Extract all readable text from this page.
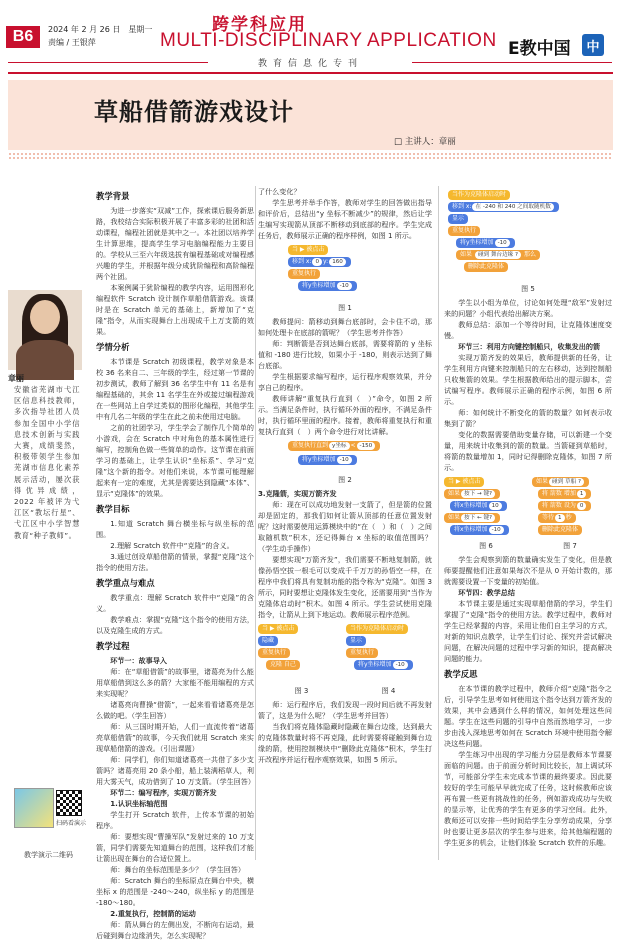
B6	2024 年 2 月 26 日　星期一
责编 / 王银萍
跨学科应用
MULTI-DISCIPLINARY APPLICATION E教中国	中
教育信息化专刊
草船借箭游戏设计
□ 主讲人：章丽
章丽
安徽省芜湖市弋江区信息科技教师，多次指导社团人员参加全国中小学信息技术创新与实践大赛，成绩斐然，积极带领学生参加芜湖市信息化素养展示活动，屡次获得优异成绩，2022 年被评为弋江区“教坛行星”、弋江区中小学智慧教育“种子教师”。
扫码看演示
教学演示二维码
教学背景

为进一步落实“双减”工作，探索课后服务新思路，我校结合实际积极开展了丰富多彩的社团和活动课程，编程社团就是其中之一。本社团以培养学生计算思维，提高学生学习电脑编程能力主要目的。学校从三至六年级选拔有编程基础或对编程感兴趣的学生，并根据年级分成犹阶编程和高阶编程两个社团。

本案例属于犹阶编程的教学内容，运用图形化编程软件 Scratch 设计制作草船借箭游戏。该课时是在 Scratch 单元的基础上，新增加了“克隆”指令，从而实现舞台上出现成千上万支箭的效果。

学情分析

本节课是 Scratch 初级课程，教学对象是本校 36 名来自二、三年级的学生，经过第一节课的初步测试，教师了解到 36 名学生中有 11 名是有编程基础的，其余 11 名学生在外或接过编程游戏在一些网站上自学过类似的图形化编程，其他学生中有几名二年级的学生在此之前未使用过电脑。

之前的社团学习，学生学会了制作几个简单的小游戏，会在 Scratch 中对角色的基本属性进行编写，控制角色做一些简单的动作。这节课在前面学习的基础上，让学生认识“坐标系”、学习“克隆”这个新的指令。对他们来说，本节课可能理解起来有一定的难度，尤其是需要达到隐藏“本体”、显示“克隆体”的效果。

教学目标

1.知道 Scratch 舞台横坐标与纵坐标的范围。

2.理解 Scratch 软件中“克隆”的含义。

3.通过创设草船借箭的情景，掌握“克隆”这个指令的使用方法。

教学重点与难点

教学重点：理解 Scratch 软件中“克隆”的含义。

教学难点：掌握“克隆”这个指令的使用方法，以及克隆生成的方式。

教学过程

环节一：故事导入

师：在“草船借箭”的故事里，诸葛亮为什么能用草船借到这么多的箭？大家能不能用编程的方式来实现呢？

诸葛亮向曹操“借箭”，一起来看看诸葛亮是怎么做的吧。（学生回答）

师：从三国时期开始，人们一直流传着“诸葛亮草船借箭”的故事，今天我们就用 Scratch 来实现草船借箭的游戏。（引出课题）

师：同学们，你们知道诸葛亮一共借了多少支箭吗？诸葛亮用 20 条小船，船上装满稻草人，利用大雾天气，成功借到了 10 万支箭。（学生回答）

环节二：编写程序，实现万箭齐发

1.认识坐标轴范围

学生打开 Scratch 软件，上传本节课的初始程序。

师：要想实现“曹操军队”发射过来的 10 万支箭，同学们需要先知道舞台的范围，这样我们才能让箭出现在舞台的合适位置上。

师：舞台的坐标范围是多少？（学生回答）

师：Scratch 舞台的坐标原点在舞台中央，横坐标 x 的范围是 -240～240，纵坐标 y 的范围是 -180～180。

2.重复执行，控制箭的运动

师：箭从舞台的左侧出发，不断向右运动，最后碰到舞台边缘消失，怎么实现呢？

了什么变化？

学生思考并举手作答，教师对学生的回答做出指导和评价后，总结出“y 坐标不断减少”的规律，然后让学生编写实现箭从顶部不断移动到底部的程序。学生完成任务后，教师展示正确的程序样例，如图 1 所示。

当 ▶ 被点击
移到 x: 0 y: 160
重复执行
将y坐标增加 -10
图 1

教师提问：箭移动到舞台底部时，会卡住不动，那如何处理卡在底部的箭呢？（学生思考并作答）

师：判断箭是否到达舞台底部，需要将箭的 y 坐标值和 -180 进行比较，如果小于 -180，则表示达到了舞台底部。

学生根据要求编写程序，运行程序观察效果，并分享自己的程序。

教师讲解“重复执行直到（　）”命令，如图 2 所示。当满足条件时，执行循环外面的程序，不满足条件时，执行循环里面的程序。接着，教师将重复执行和重复执行直到（　）两个命令进行对比讲解。

重复执行直到 y坐标 < -150
将y坐标增加 -10
图 2

3.克隆箭，实现万箭齐发

师：现在可以成功地发射一支箭了，但是箭的位置却是固定的，那我们如何让箭从顶部的任意位置发射呢？这时需要使用运算模块中的“在（　）和（　）之间取随机数”积木，还记得舞台 x 坐标的取值范围吗？（学生动手操作）

要想实现“万箭齐发”，我们需要不断地复制箭，就像孙悟空拔一根毛可以变成千千万万的孙悟空一样，在程序中我们将具有复制功能的指令称为“克隆”。如图 3 所示，同时要想让克隆体发生变化，还需要用到“当作为克隆体启动时”积木。如图 4 所示。学生尝试使用克隆指令，让箭从上到下地运动。教师展示程序范例。

当 ▶ 被点击
隐藏
重复执行
克隆 自己
当作为克隆体启动时
显示
重复执行
将y坐标增加 -10
图 3	图 4

师：运行程序后，我们发现一段时间后就不再发射箭了，这是为什么呢？（学生思考并回答）

当我们将克隆体隐藏时隐藏在舞台边缘，达到最大的克隆体数量时将不再克隆，此时需要将碰触到舞台边缘的箭，使用控制模块中“删除此克隆体”积木，学生打开改程序并运行程序观察效果，如图 5 所示。

当作为克隆体启动时
移到 x: 在 -240 和 240 之间取随机数
显示
重复执行
将y坐标增加 -10
如果 碰到 舞台边缘 ? 那么
删除此克隆体
图 5

学生以小组为单位，讨论如何处理“敌军”发射过来的问题？小组代表给出解决方案。

教师总结：添加一个等待时间，让克隆体速度变慢。

环节三：利用方向键控制船只，收集发出的箭

实现万箭齐发的效果后，教师提供新的任务，让学生利用方向键来控制船只的左右移动，达到控制船只收集箭的效果。学生根据教师给出的提示脚本，尝试编写程序。教师展示正确的程序示例，如图 6 所示。

师：如何统计不断变化的箭的数量？如何表示收集到了箭？

变化的数据需要借助变量存储，可以新建一个变量，用来统计收集到的箭的数量。当箭碰到草船时，将箭的数量增加 1，同时记得删除克隆体，如图 7 所示。

当 ▶ 被点击
如果 按下 → 键?
将x坐标增加 10
如果 按下 ← 键?
将x坐标增加 -10
如果 碰到 草船 ?
将 箭数 增加 1
将 箭数 设为 0
等待 1 秒
删除此克隆体
图 6	图 7

学生会观察到箭的数量确实发生了变化，但是教师要提醒他们注意如果每次不是从 0 开始计数的，那就需要设置一下变量的初始值。

环节四：教学总结

本节课主要是通过实现草船借箭的学习，学生们掌握了“克隆”指令的使用方法。教学过程中，教师对学生已经掌握的内容，采用让他们自主学习的方式，对新的知识点教学，让学生们讨论、探究并尝试解决问题，在解决问题的过程中学习新的知识，提高解决问题的能力。

教学反思

在本节课的教学过程中，教师介绍“克隆”指令之后，引导学生思考如何使用这个指令达到万箭齐发的效果，其中会遇到什么样的情况，如何处理这些问题。学生在这些问题的引导中自然而然地学习，一步步由浅入深地思考如何在 Scratch 环境中使用指令解决这些问题。

学生练习中出现的学习能力分层是教师本节课要面临的问题。由于前面分析时间比较长，加上调试环节，可能部分学生未完成本节课的最终要求。因此要较好的学生可能早早就完成了任务，这时候教师应该再布置一些更有挑战性的任务，例如游戏成功与失败的显示等，让优秀的学生有更多的学习空间。此外，教师还可以安排一些时间给学生分享劳动成果，分享时也要让更多层次的学生参与进来，给其他编程题的学生更多的机会，让他们体验 Scratch 软件的乐趣。
